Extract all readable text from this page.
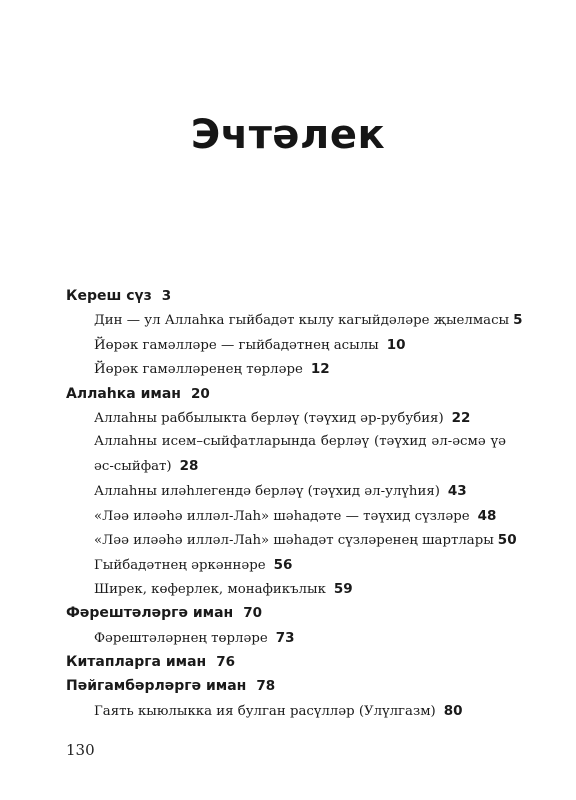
Эчтәлек
Кереш сүз 3
Дин — ул Аллаһка гыйбадәт кылу кагыйдәләре җыелмасы 5
Йөрәк гамәлләре — гыйбадәтнең асылы 10
Йөрәк гамәлләренең төрләре 12
Аллаһка иман 20
Аллаһны раббылыкта берләү (тәүхид әр-рубубия) 22
Аллаһны исем–сыйфатларында берләү (тәүхид әл-әсмә үә әс-сыйфат) 28
Аллаһны иләһлегендә берләү (тәүхид әл-улүһия) 43
«Ләә иләәһә илләл-Лаһ» шәһадәте — тәүхид сүзләре 48
«Ләә иләәһә илләл-Лаһ» шәһадәт сүзләренең шартлары 50
Гыйбадәтнең әркәннәре 56
Ширек, көферлек, монафикълык 59
Фәрештәләргә иман 70
Фәрештәләрнең төрләре 73
Китапларга иман 76
Пәйгамбәрләргә иман 78
Гаять кыюлыкка ия булган расүлләр (Улүлгазм) 80
130
